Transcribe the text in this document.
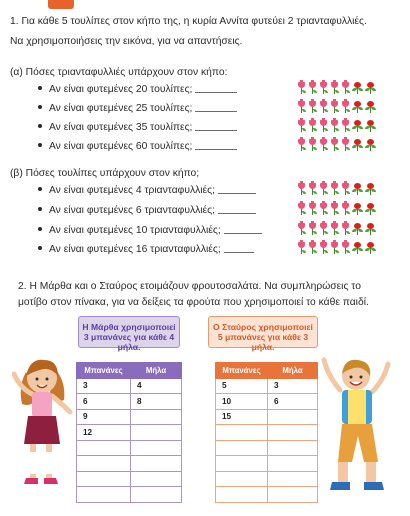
1. Για κάθε 5 τουλίπες στον κήπο της, η κυρία Αννίτα φυτεύει 2 τριανταφυλλιές.
Να χρησιμοποιήσεις την εικόνα, για να απαντήσεις.
(α) Πόσες τριανταφυλλιές υπάρχουν στον κήπο:
Αν είναι φυτεμένες 20 τουλίπες;
Αν είναι φυτεμένες 25 τουλίπες;
Αν είναι φυτεμένες 35 τουλίπες;
Αν είναι φυτεμένες 60 τουλίπες;
(β) Πόσες τουλίπες υπάρχουν στον κήπο;
Αν είναι φυτεμένες 4 τριανταφυλλιές;
Αν είναι φυτεμένες 6 τριανταφυλλιές;
Αν είναι φυτεμένες 10 τριανταφυλλιές;
Αν είναι φυτεμένες 16 τριανταφυλλιές;
2. Η Μάρθα και ο Σταύρος ετοιμάζουν φρουτοσαλάτα. Να συμπληρώσεις το
μοτίβο στον πίνακα, για να δείξεις τα φρούτα που χρησιμοποιεί το κάθε παιδί.
Η Μάρθα χρησιμοποιεί
3 μπανάνες για κάθε 4 μήλα.
Ο Σταύρος χρησιμοποιεί
5 μπανάνες για κάθε 3 μήλα.
Μπανάνες	Μήλα
3	4
6	8
9	
12	

Μπανάνες	Μήλα
5	3
10	6
15	
